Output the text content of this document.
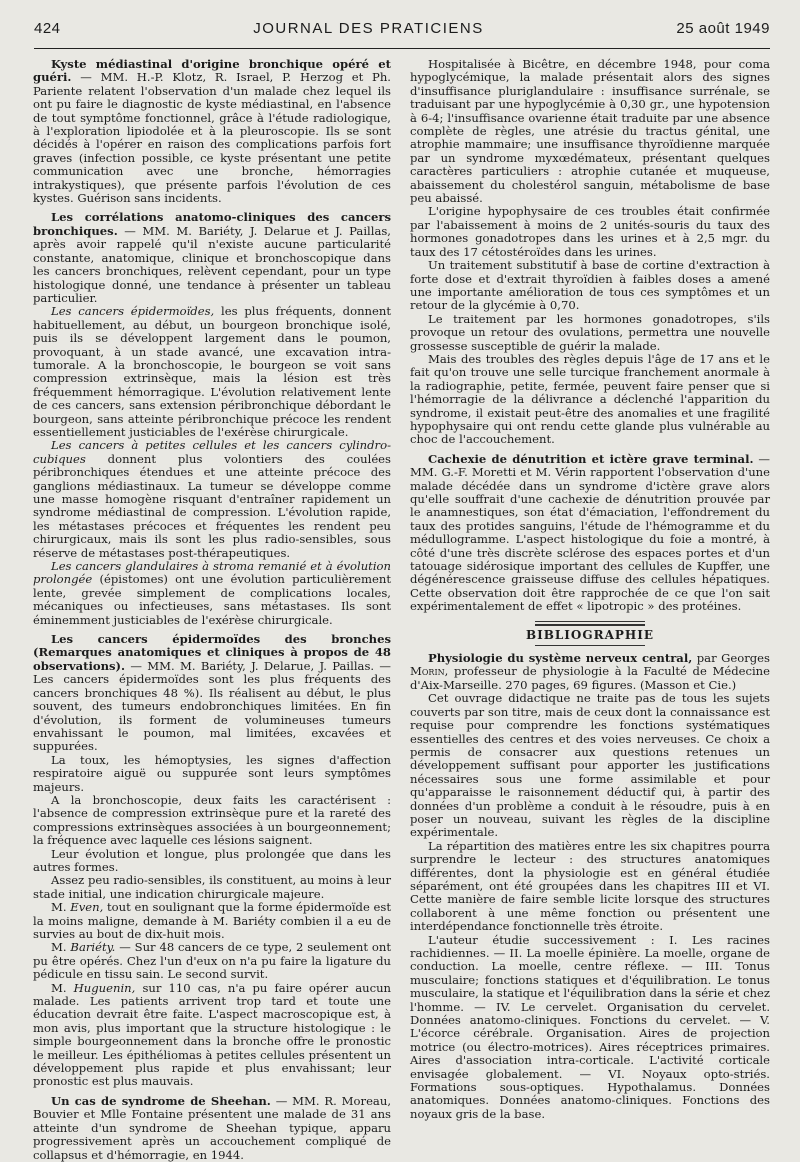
424	JOURNAL DES PRATICIENS	25 août 1949

Kyste médiastinal d'origine bronchique opéré et guéri. — MM. H.-P. Klotz, R. Israel, P. Herzog et Ph. Pariente relatent l'observation d'un malade chez lequel ils ont pu faire le diagnostic de kyste médiastinal, en l'absence de tout symptôme fonctionnel, grâce à l'étude radiologique, à l'exploration lipiodolée et à la pleuroscopie. Ils se sont décidés à l'opérer en raison des complications parfois fort graves (infection possible, ce kyste présentant une petite communication avec une bronche, hémorragies intrakystiques), que présente parfois l'évolution de ces kystes. Guérison sans incidents.

Les corrélations anatomo-cliniques des cancers bronchiques. — MM. M. Bariéty, J. Delarue et J. Paillas, après avoir rappelé qu'il n'existe aucune particularité constante, anatomique, clinique et bronchoscopique dans les cancers bronchiques, relèvent cependant, pour un type histologique donné, une tendance à présenter un tableau particulier.

Les cancers épidermoïdes, les plus fréquents, donnent habituellement, au début, un bourgeon bronchique isolé, puis ils se développent largement dans le poumon, provoquant, à un stade avancé, une excavation intra-tumorale. A la bronchoscopie, le bourgeon se voit sans compression extrinsèque, mais la lésion est très fréquemment hémorragique. L'évolution relativement lente de ces cancers, sans extension péribronchique débordant le bourgeon, sans atteinte péribronchique précoce les rendent essentiellement justiciables de l'exérèse chirurgicale.

Les cancers à petites cellules et les cancers cylindro-cubiques donnent plus volontiers des coulées péribronchiques étendues et une atteinte précoce des ganglions médiastinaux. La tumeur se développe comme une masse homogène risquant d'entraîner rapidement un syndrome médiastinal de compression. L'évolution rapide, les métastases précoces et fréquentes les rendent peu chirurgicaux, mais ils sont les plus radio-sensibles, sous réserve de métastases post-thérapeutiques.

Les cancers glandulaires à stroma remanié et à évolution prolongée (épistomes) ont une évolution particulièrement lente, grevée simplement de complications locales, mécaniques ou infectieuses, sans métastases. Ils sont éminemment justiciables de l'exérèse chirurgicale.

Les cancers épidermoïdes des bronches (Remarques anatomiques et cliniques à propos de 48 observations). — MM. M. Bariéty, J. Delarue, J. Paillas. — Les cancers épidermoïdes sont les plus fréquents des cancers bronchiques 48 %). Ils réalisent au début, le plus souvent, des tumeurs endobronchiques limitées. En fin d'évolution, ils forment de volumineuses tumeurs envahissant le poumon, mal limitées, excavées et suppurées.

La toux, les hémoptysies, les signes d'affection respiratoire aiguë ou suppurée sont leurs symptômes majeurs.

A la bronchoscopie, deux faits les caractérisent : l'absence de compression extrinsèque pure et la rareté des compressions extrinsèques associées à un bourgeonnement; la fréquence avec laquelle ces lésions saignent.

Leur évolution et longue, plus prolongée que dans les autres formes.

Assez peu radio-sensibles, ils constituent, au moins à leur stade initial, une indication chirurgicale majeure.

M. Even, tout en soulignant que la forme épidermoïde est la moins maligne, demande à M. Bariéty combien il a eu de survies au bout de dix-huit mois.

M. Bariéty. — Sur 48 cancers de ce type, 2 seulement ont pu être opérés. Chez l'un d'eux on n'a pu faire la ligature du pédicule en tissu sain. Le second survit.

M. Huguenin, sur 110 cas, n'a pu faire opérer aucun malade. Les patients arrivent trop tard et toute une éducation devrait être faite. L'aspect macroscopique est, à mon avis, plus important que la structure histologique : le simple bourgeonnement dans la bronche offre le pronostic le meilleur. Les épithéliomas à petites cellules présentent un développement plus rapide et plus envahissant; leur pronostic est plus mauvais.

Un cas de syndrome de Sheehan. — MM. R. Moreau, Bouvier et Mlle Fontaine présentent une malade de 31 ans atteinte d'un syndrome de Sheehan typique, apparu progressivement après un accouchement compliqué de collapsus et d'hémorragie, en 1944.

Hospitalisée à Bicêtre, en décembre 1948, pour coma hypoglycémique, la malade présentait alors des signes d'insuffisance pluriglandulaire : insuffisance surrénale, se traduisant par une hypoglycémie à 0,30 gr., une hypotension à 6-4; l'insuffisance ovarienne était traduite par une absence complète de règles, une atrésie du tractus génital, une atrophie mammaire; une insuffisance thyroïdienne marquée par un syndrome myxœdémateux, présentant quelques caractères particuliers : atrophie cutanée et muqueuse, abaissement du cholestérol sanguin, métabolisme de base peu abaissé.

L'origine hypophysaire de ces troubles était confirmée par l'abaissement à moins de 2 unités-souris du taux des hormones gonadotropes dans les urines et à 2,5 mgr. du taux des 17 cétostéroïdes dans les urines.

Un traitement substitutif à base de cortine d'extraction à forte dose et d'extrait thyroïdien à faibles doses a amené une importante amélioration de tous ces symptômes et un retour de la glycémie à 0,70.

Le traitement par les hormones gonadotropes, s'ils provoque un retour des ovulations, permettra une nouvelle grossesse susceptible de guérir la malade.

Mais des troubles des règles depuis l'âge de 17 ans et le fait qu'on trouve une selle turcique franchement anormale à la radiographie, petite, fermée, peuvent faire penser que si l'hémorragie de la délivrance a déclenché l'apparition du syndrome, il existait peut-être des anomalies et une fragilité hypophysaire qui ont rendu cette glande plus vulnérable au choc de l'accouchement.

Cachexie de dénutrition et ictère grave terminal. — MM. G.-F. Moretti et M. Vérin rapportent l'observation d'une malade décédée dans un syndrome d'ictère grave alors qu'elle souffrait d'une cachexie de dénutrition prouvée par le anamnestiques, son état d'émaciation, l'effondrement du taux des protides sanguins, l'étude de l'hémogramme et du médullogramme. L'aspect histologique du foie a montré, à côté d'une très discrète sclérose des espaces portes et d'un tatouage sidérosique important des cellules de Kupffer, une dégénérescence graisseuse diffuse des cellules hépatiques. Cette observation doit être rapprochée de ce que l'on sait expérimentalement de effet « lipotropic » des protéines.

BIBLIOGRAPHIE

Physiologie du système nerveux central, par Georges Morin, professeur de physiologie à la Faculté de Médecine d'Aix-Marseille. 270 pages, 69 figures. (Masson et Cie.)

Cet ouvrage didactique ne traite pas de tous les sujets couverts par son titre, mais de ceux dont la connaissance est requise pour comprendre les fonctions systématiques essentielles des centres et des voies nerveuses. Ce choix a permis de consacrer aux questions retenues un développement suffisant pour apporter les justifications nécessaires sous une forme assimilable et pour qu'apparaisse le raisonnement déductif qui, à partir des données d'un problème a conduit à le résoudre, puis à en poser un nouveau, suivant les règles de la discipline expérimentale.

La répartition des matières entre les six chapitres pourra surprendre le lecteur : des structures anatomiques différentes, dont la physiologie est en général étudiée séparément, ont été groupées dans les chapitres III et VI. Cette manière de faire semble licite lorsque des structures collaborent à une même fonction ou présentent une interdépendance fonctionnelle très étroite.

L'auteur étudie successivement : I. Les racines rachidiennes. — II. La moelle épinière. La moelle, organe de conduction. La moelle, centre réflexe. — III. Tonus musculaire; fonctions statiques et d'équilibration. Le tonus musculaire, la statique et l'équilibration dans la série et chez l'homme. — IV. Le cervelet. Organisation du cervelet. Données anatomo-cliniques. Fonctions du cervelet. — V. L'écorce cérébrale. Organisation. Aires de projection motrice (ou électro-motrices). Aires réceptrices primaires. Aires d'association intra-corticale. L'activité corticale envisagée globalement. — VI. Noyaux opto-striés. Formations sous-optiques. Hypothalamus. Données anatomiques. Données anatomo-cliniques. Fonctions des noyaux gris de la base.
